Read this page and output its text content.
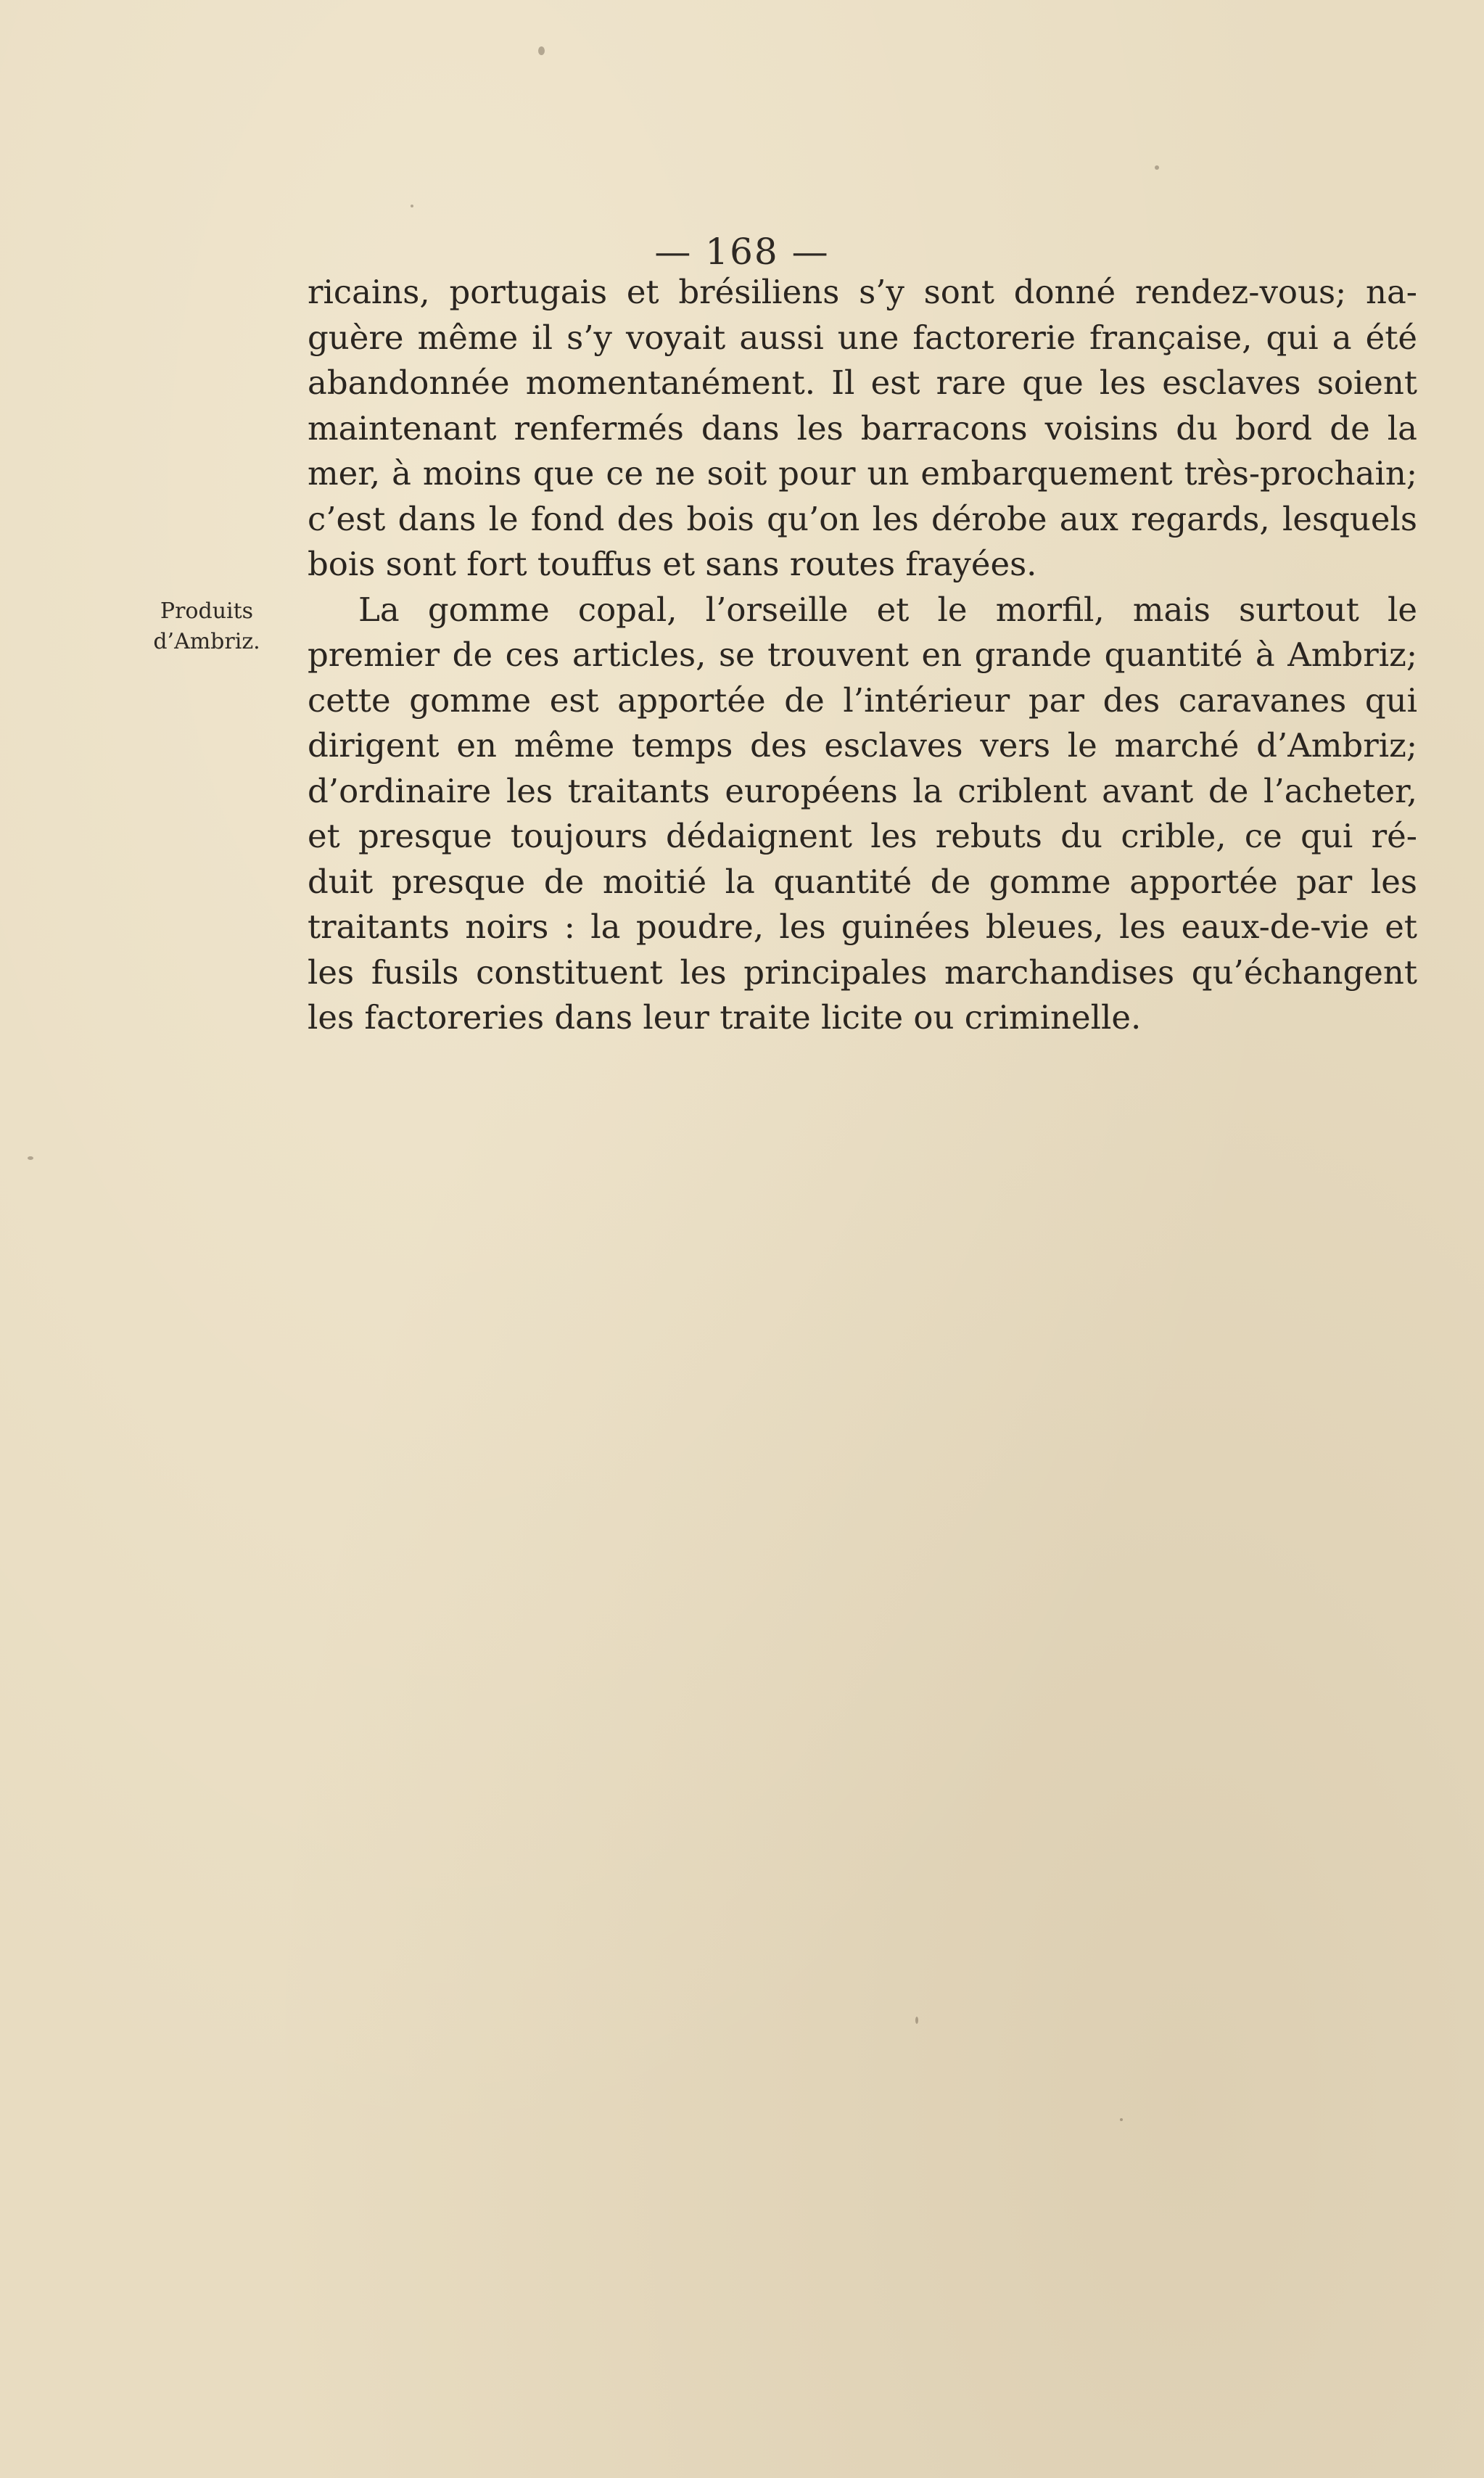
— 168 —
Produits
d’Ambriz.
ricains, portugais et brésiliens s’y sont donné rendez-vous; na-
guère même il s’y voyait aussi une factorerie française, qui a été
abandonnée momentanément. Il est rare que les esclaves soient
maintenant renfermés dans les barracons voisins du bord de la
mer, à moins que ce ne soit pour un embarquement très-prochain;
c’est dans le fond des bois qu’on les dérobe aux regards, lesquels
bois sont fort touffus et sans routes frayées.
La gomme copal, l’orseille et le morfil, mais surtout le
premier de ces articles, se trouvent en grande quantité à Ambriz;
cette gomme est apportée de l’intérieur par des caravanes qui
dirigent en même temps des esclaves vers le marché d’Ambriz;
d’ordinaire les traitants européens la criblent avant de l’acheter,
et presque toujours dédaignent les rebuts du crible, ce qui ré-
duit presque de moitié la quantité de gomme apportée par les
traitants noirs : la poudre, les guinées bleues, les eaux-de-vie et
les fusils constituent les principales marchandises qu’échangent
les factoreries dans leur traite licite ou criminelle.
